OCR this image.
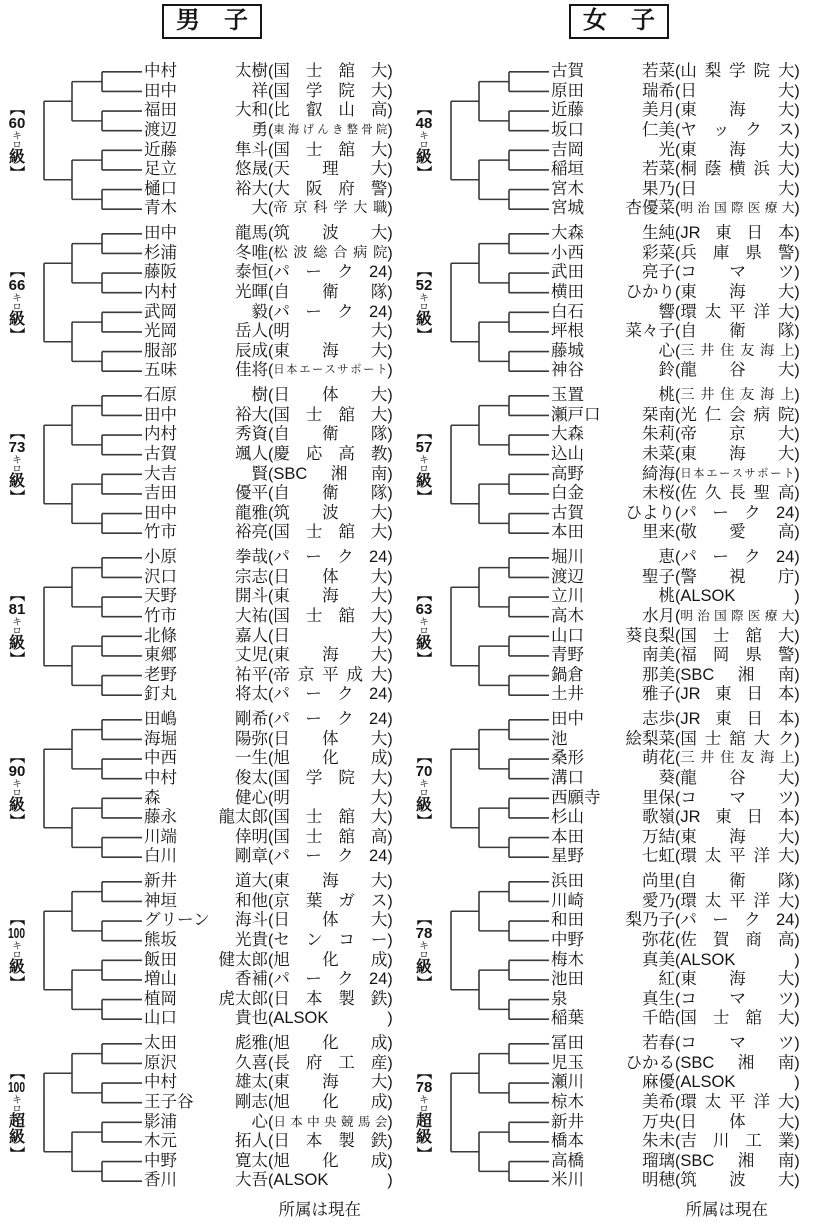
男　子
【
60
キ
ロ
級
】
中村	太樹 ( 国士舘大 )
田中	祥 ( 国学院大 )
福田	大和 ( 比叡山高 )
渡辺	勇 ( 東海げんき整骨院 )
近藤	隼斗 ( 国士舘大 )
足立	悠晟 ( 天理大 )
樋口	裕大 ( 大阪府警 )
青木	大 ( 帝京科学大職 )
【
66
キ
ロ
級
】
田中	龍馬 ( 筑波大 )
杉浦	冬唯 ( 松波総合病院 )
藤阪	泰恒 ( パーク24 )
内村	光暉 ( 自衛隊 )
武岡	毅 ( パーク24 )
光岡	岳人 ( 明大 )
服部	辰成 ( 東海大 )
五味	佳将 ( 日本エースサポート )
【
73
キ
ロ
級
】
石原	樹 ( 日体大 )
田中	裕大 ( 国士舘大 )
内村	秀資 ( 自衛隊 )
古賀	颯人 ( 慶応高教 )
大吉	賢 ( SBC湘南 )
吉田	優平 ( 自衛隊 )
田中	龍雅 ( 筑波大 )
竹市	裕亮 ( 国士舘大 )
【
81
キ
ロ
級
】
小原	拳哉 ( パーク24 )
沢口	宗志 ( 日体大 )
天野	開斗 ( 東海大 )
竹市	大祐 ( 国士舘大 )
北條	嘉人 ( 日大 )
東郷	丈児 ( 東海大 )
老野	祐平 ( 帝京平成大 )
釘丸	将太 ( パーク24 )
【
90
キ
ロ
級
】
田嶋	剛希 ( パーク24 )
海堀	陽弥 ( 日体大 )
中西	一生 ( 旭化成 )
中村	俊太 ( 国学院大 )
森	健心 ( 明大 )
藤永	龍太郎 ( 国士舘大 )
川端	倖明 ( 国士舘高 )
白川	剛章 ( パーク24 )
【
100
キ
ロ
級
】
新井	道大 ( 東海大 )
神垣	和他 ( 京葉ガス )
グリーン 海斗 ( 日体大 )
熊坂	光貴 ( センコー )
飯田	健太郎 ( 旭化成 )
増山	香補 ( パーク24 )
植岡	虎太郎 ( 日本製鉄 )
山口	貴也 ( ALSOK	)
【
100
キ
ロ
超
級
】
太田	彪雅 ( 旭化成 )
原沢	久喜 ( 長府工産 )
中村	雄太 ( 東海大 )
王子谷	剛志 ( 旭化成 )
影浦	心 ( 日本中央競馬会 )
木元	拓人 ( 日本製鉄 )
中野	寛太 ( 旭化成 )
香川	大吾 ( ALSOK	)
所属は現在
女　子
【
48
キ
ロ
級
】
古賀	若菜 ( 山梨学院大 )
原田	瑞希 ( 日大 )
近藤	美月 ( 東海大 )
坂口	仁美 ( ヤックス )
吉岡	光 ( 東海大 )
稲垣	若菜 ( 桐蔭横浜大 )
宮木	果乃 ( 日大 )
宮城	杏優菜 ( 明治国際医療大 )
【
52
キ
ロ
級
】
大森	生純 ( JR東日本 )
小西	彩菜 ( 兵庫県警 )
武田	亮子 ( コマツ )
横田	ひかり ( 東海大 )
白石	響 ( 環太平洋大 )
坪根	菜々子 ( 自衛隊 )
藤城	心 ( 三井住友海上 )
神谷	鈴 ( 龍谷大 )
【
57
キ
ロ
級
】
玉置	桃 ( 三井住友海上 )
瀬戸口	栞南 ( 光仁会病院 )
大森	朱莉 ( 帝京大 )
込山	未菜 ( 東海大 )
高野	綺海 ( 日本エースサポート )
白金	未桜 ( 佐久長聖高 )
古賀	ひより ( パーク24 )
本田	里来 ( 敬愛高 )
【
63
キ
ロ
級
】
堀川	恵 ( パーク24 )
渡辺	聖子 ( 警視庁 )
立川	桃 ( ALSOK	)
高木	水月 ( 明治国際医療大 )
山口	葵良梨 ( 国士舘大 )
青野	南美 ( 福岡県警 )
鍋倉	那美 ( SBC湘南 )
土井	雅子 ( JR東日本 )
【
70
キ
ロ
級
】
田中	志歩 ( JR東日本 )
池	絵梨菜 ( 国士舘大ク )
桑形	萌花 ( 三井住友海上 )
溝口	葵 ( 龍谷大 )
西願寺	里保 ( コマツ )
杉山	歌嶺 ( JR東日本 )
本田	万結 ( 東海大 )
星野	七虹 ( 環太平洋大 )
【
78
キ
ロ
級
】
浜田	尚里 ( 自衛隊 )
川崎	愛乃 ( 環太平洋大 )
和田	梨乃子 ( パーク24 )
中野	弥花 ( 佐賀商高 )
梅木	真美 ( ALSOK	)
池田	紅 ( 東海大 )
泉	真生 ( コマツ )
稲葉	千皓 ( 国士舘大 )
【
78
キ
ロ
超
級
】
冨田	若春 ( コマツ )
児玉	ひかる ( SBC湘南 )
瀬川	麻優 ( ALSOK	)
椋木	美希 ( 環太平洋大 )
新井	万央 ( 日体大 )
橋本	朱未 ( 吉川工業 )
高橋	瑠璃 ( SBC湘南 )
米川	明穂 ( 筑波大 )
所属は現在
